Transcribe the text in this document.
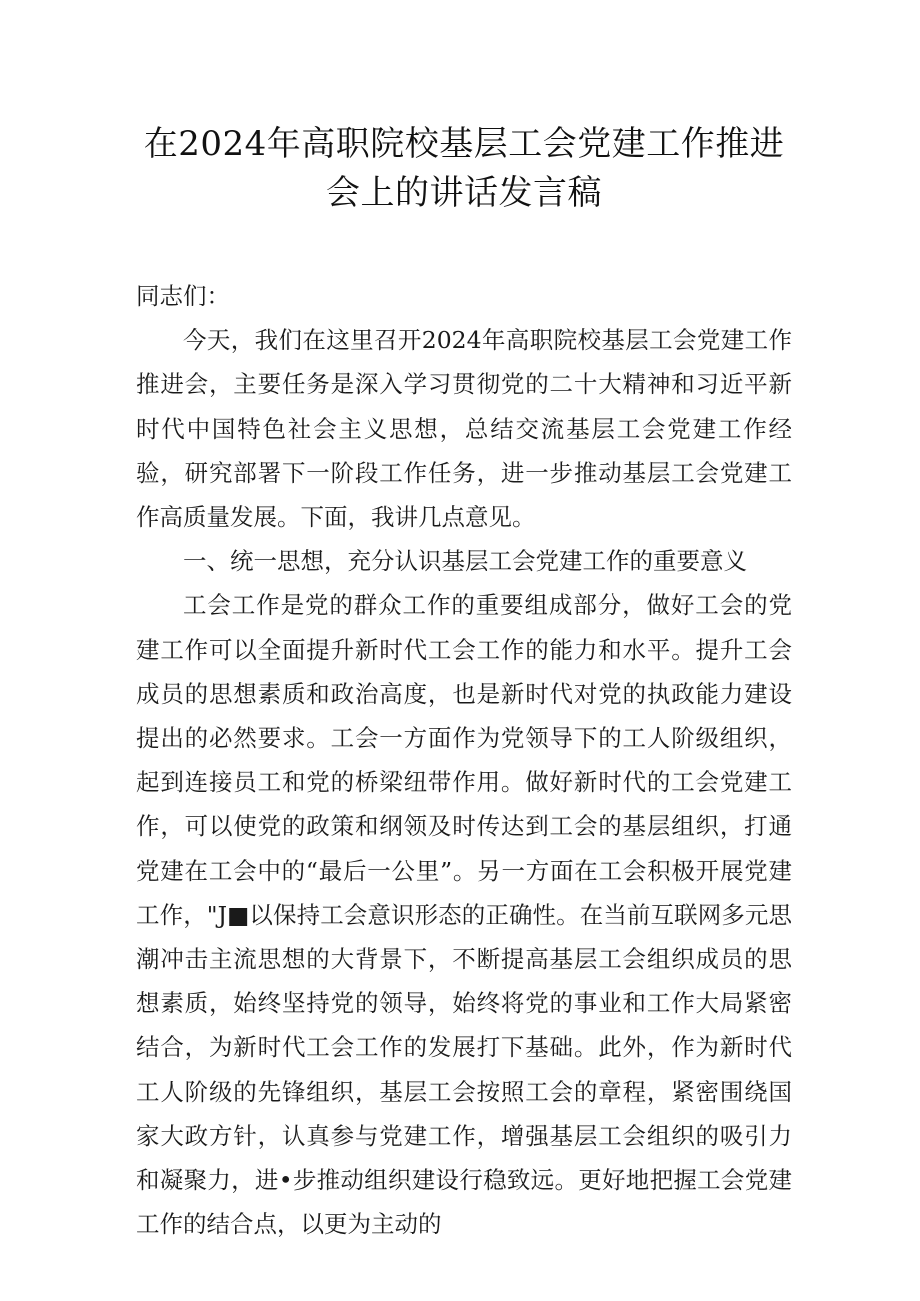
在2024年高职院校基层工会党建工作推进
会上的讲话发言稿

同志们：

今天，我们在这里召开2024年高职院校基层工会党建工作推进会，主要任务是深入学习贯彻党的二十大精神和习近平新时代中国特色社会主义思想，总结交流基层工会党建工作经验，研究部署下一阶段工作任务，进一步推动基层工会党建工作高质量发展。下面，我讲几点意见。

一、统一思想，充分认识基层工会党建工作的重要意义

工会工作是党的群众工作的重要组成部分，做好工会的党建工作可以全面提升新时代工会工作的能力和水平。提升工会成员的思想素质和政治高度，也是新时代对党的执政能力建设提出的必然要求。工会一方面作为党领导下的工人阶级组织，起到连接员工和党的桥梁纽带作用。做好新时代的工会党建工作，可以使党的政策和纲领及时传达到工会的基层组织，打通党建在工会中的“最后一公里”。另一方面在工会积极开展党建工作，"J■以保持工会意识形态的正确性。在当前互联网多元思潮冲击主流思想的大背景下，不断提高基层工会组织成员的思想素质，始终坚持党的领导，始终将党的事业和工作大局紧密结合，为新时代工会工作的发展打下基础。此外，作为新时代工人阶级的先锋组织，基层工会按照工会的章程，紧密围绕国家大政方针，认真参与党建工作，增强基层工会组织的吸引力和凝聚力，进•步推动组织建设行稳致远。更好地把握工会党建工作的结合点，以更为主动的
